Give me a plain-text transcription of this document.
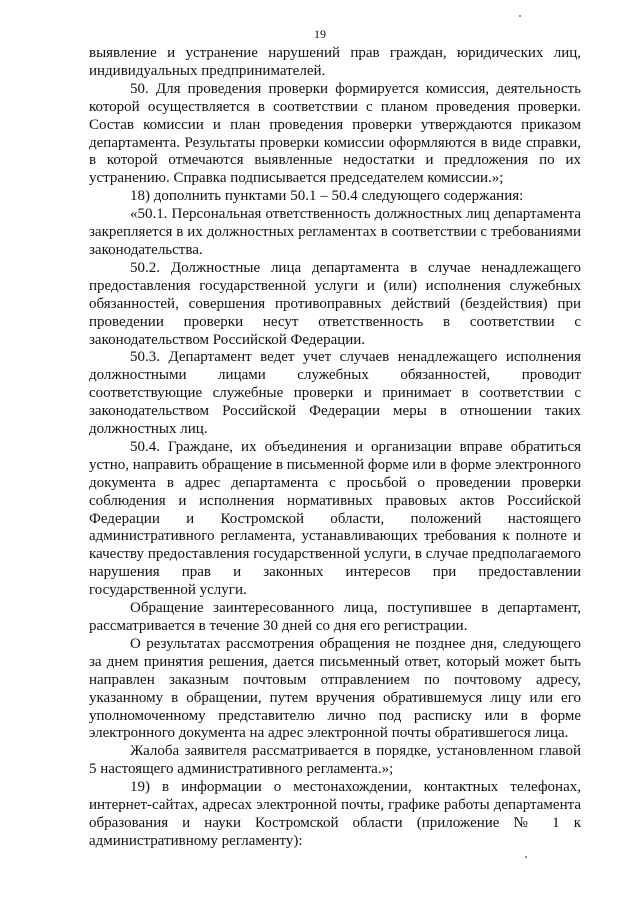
19

выявление и устранение нарушений прав граждан, юридических лиц, индивидуальных предпринимателей.

50. Для проведения проверки формируется комиссия, деятельность которой осуществляется в соответствии с планом проведения проверки. Состав комиссии и план проведения проверки утверждаются приказом департамента. Результаты проверки комиссии оформляются в виде справки, в которой отмечаются выявленные недостатки и предложения по их устранению. Справка подписывается председателем комиссии.»;

18) дополнить пунктами 50.1 – 50.4 следующего содержания:

«50.1. Персональная ответственность должностных лиц департамента закрепляется в их должностных регламентах в соответствии с требованиями законодательства.

50.2. Должностные лица департамента в случае ненадлежащего предоставления государственной услуги и (или) исполнения служебных обязанностей, совершения противоправных действий (бездействия) при проведении проверки несут ответственность в соответствии с законодательством Российской Федерации.

50.3. Департамент ведет учет случаев ненадлежащего исполнения должностными лицами служебных обязанностей, проводит соответствующие служебные проверки и принимает в соответствии с законодательством Российской Федерации меры в отношении таких должностных лиц.

50.4. Граждане, их объединения и организации вправе обратиться устно, направить обращение в письменной форме или в форме электронного документа в адрес департамента с просьбой о проведении проверки соблюдения и исполнения нормативных правовых актов Российской Федерации и Костромской области, положений настоящего административного регламента, устанавливающих требования к полноте и качеству предоставления государственной услуги, в случае предполагаемого нарушения прав и законных интересов при предоставлении государственной услуги.

Обращение заинтересованного лица, поступившее в департамент, рассматривается в течение 30 дней со дня его регистрации.

О результатах рассмотрения обращения не позднее дня, следующего за днем принятия решения, дается письменный ответ, который может быть направлен заказным почтовым отправлением по почтовому адресу, указанному в обращении, путем вручения обратившемуся лицу или его уполномоченному представителю лично под расписку или в форме электронного документа на адрес электронной почты обратившегося лица.

Жалоба заявителя рассматривается в порядке, установленном главой 5 настоящего административного регламента.»;

19) в информации о местонахождении, контактных телефонах, интернет-сайтах, адресах электронной почты, графике работы департамента образования и науки Костромской области (приложение № 1 к административному регламенту):
